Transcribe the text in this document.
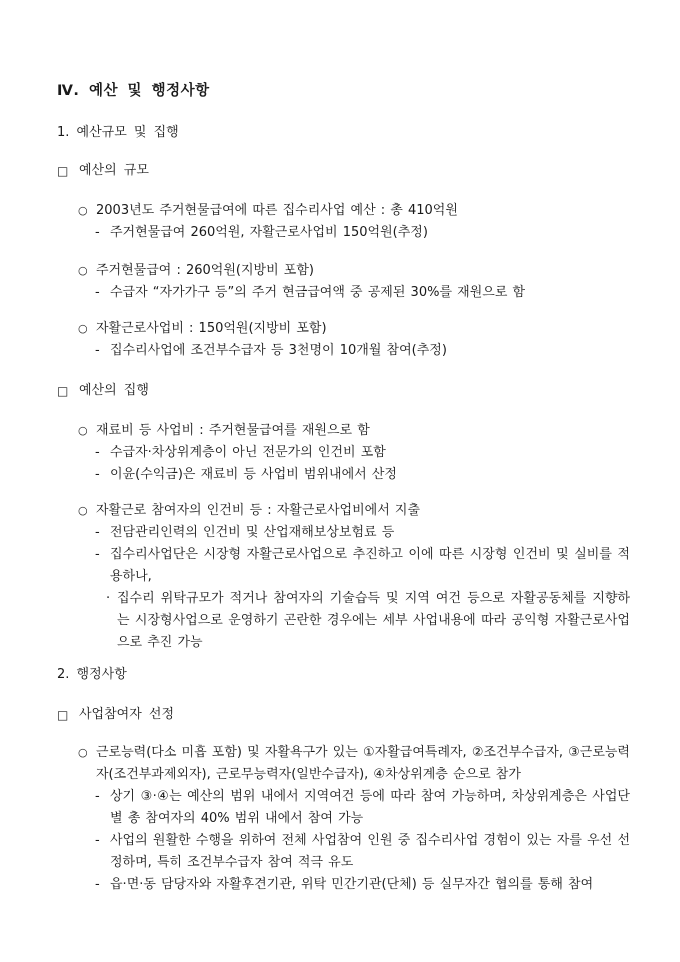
Ⅳ. 예산 및 행정사항
1. 예산규모 및 집행
□ 예산의 규모
○ 2003년도 주거현물급여에 따른 집수리사업 예산 : 총 410억원
- 주거현물급여 260억원, 자활근로사업비 150억원(추정)
○ 주거현물급여 : 260억원(지방비 포함)
- 수급자 “자가가구 등”의 주거 현금급여액 중 공제된 30%를 재원으로 함
○ 자활근로사업비 : 150억원(지방비 포함)
- 집수리사업에 조건부수급자 등 3천명이 10개월 참여(추정)
□ 예산의 집행
○ 재료비 등 사업비 : 주거현물급여를 재원으로 함
- 수급자·차상위계층이 아닌 전문가의 인건비 포함
- 이윤(수익금)은 재료비 등 사업비 범위내에서 산정
○ 자활근로 참여자의 인건비 등 : 자활근로사업비에서 지출
- 전담관리인력의 인건비 및 산업재해보상보험료 등
- 집수리사업단은 시장형 자활근로사업으로 추진하고 이에 따른 시장형 인건비 및 실비를 적용하나,
· 집수리 위탁규모가 적거나 참여자의 기술습득 및 지역 여건 등으로 자활공동체를 지향하는 시장형사업으로 운영하기 곤란한 경우에는 세부 사업내용에 따라 공익형 자활근로사업으로 추진 가능
2. 행정사항
□ 사업참여자 선정
○ 근로능력(다소 미흡 포함) 및 자활욕구가 있는 ①자활급여특례자, ②조건부수급자, ③근로능력자(조건부과제외자), 근로무능력자(일반수급자), ④차상위계층 순으로 참가
- 상기 ③·④는 예산의 범위 내에서 지역여건 등에 따라 참여 가능하며, 차상위계층은 사업단별 총 참여자의 40% 범위 내에서 참여 가능
- 사업의 원활한 수행을 위하여 전체 사업참여 인원 중 집수리사업 경험이 있는 자를 우선 선정하며, 특히 조건부수급자 참여 적극 유도
- 읍·면·동 담당자와 자활후견기관, 위탁 민간기관(단체) 등 실무자간 협의를 통해 참여
